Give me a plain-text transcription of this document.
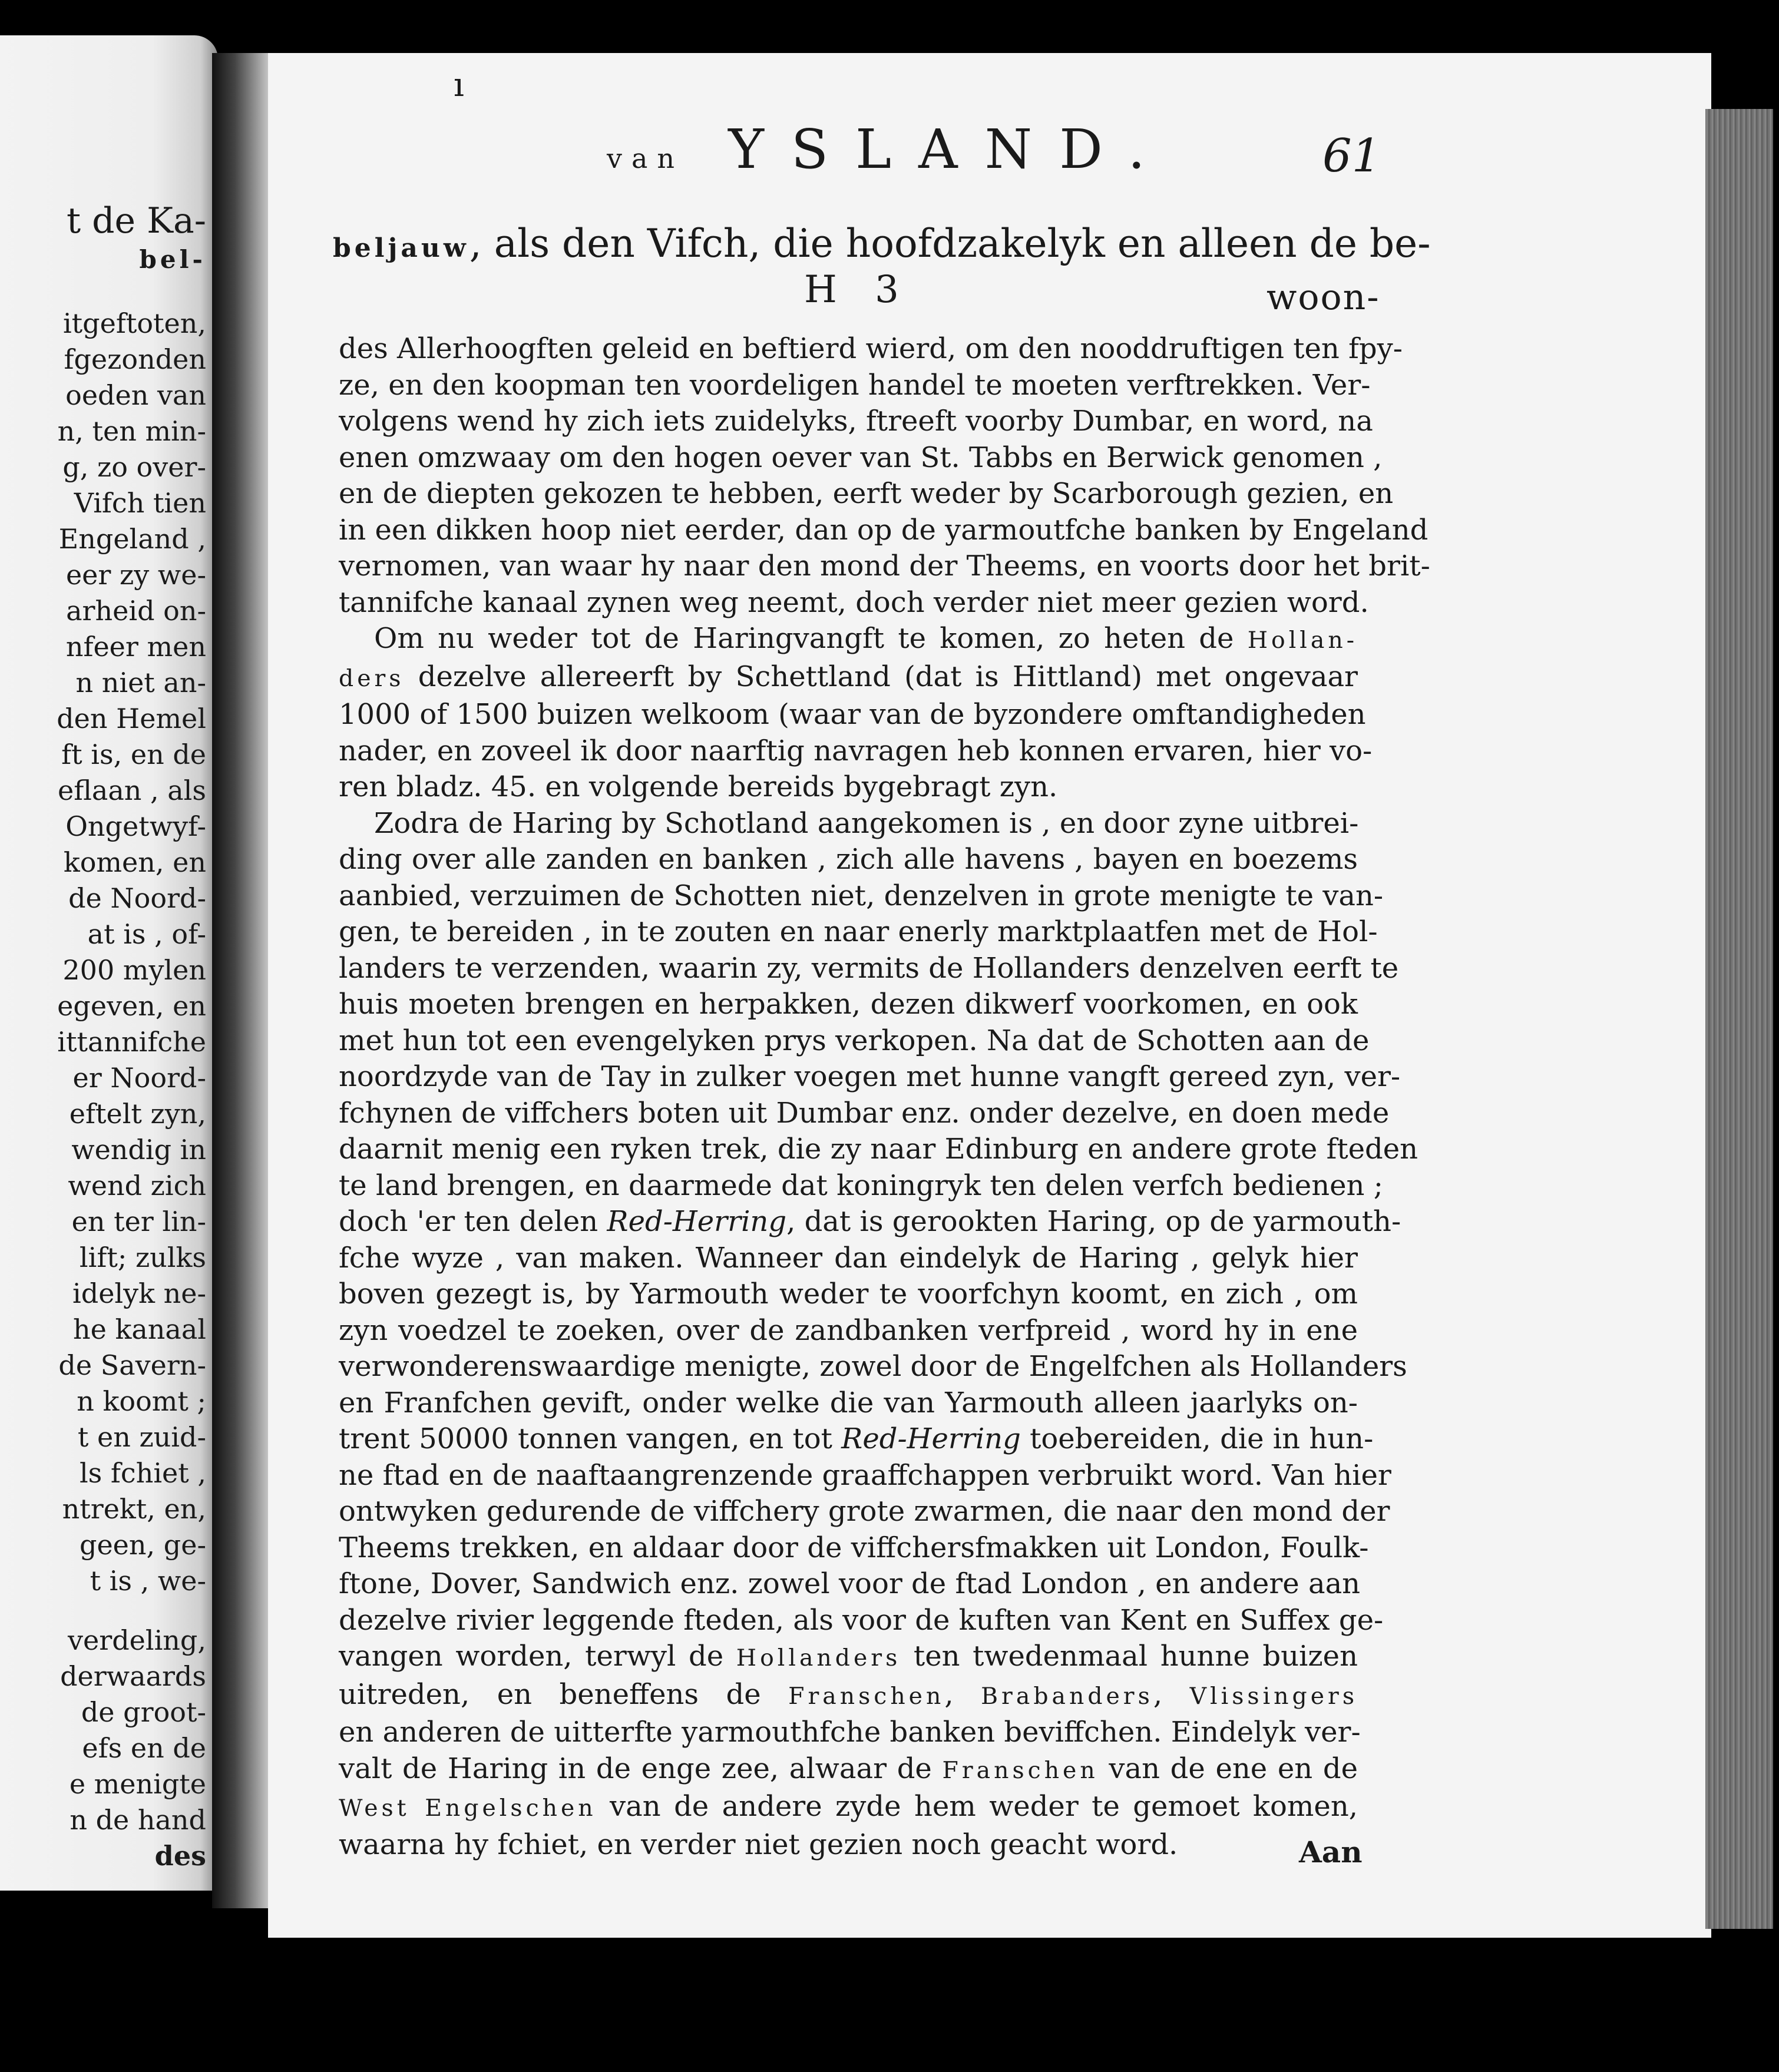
t de Ka-
bel-
itgeftoten,
fgezonden
oeden van
n, ten min-
g, zo over-
Vifch tien
Engeland ,
eer zy we-
arheid on-
nfeer men
n niet an-
den Hemel
ft is, en de
eflaan , als
Ongetwyf-
komen, en
de Noord-
at is , of-
200 mylen
egeven, en
ittannifche
er Noord-
eftelt zyn,
wendig in
wend zich
en ter lin-
lift; zulks
idelyk ne-
he kanaal
de Savern-
n koomt ;
t en zuid-
ls fchiet ,
ntrekt, en,
geen, ge-
t is , we-
verdeling,
derwaards
de groot-
efs en de
e menigte
n de hand
des
ı
van YSLAND.	61
beljauw, als den Vifch, die hoofdzakelyk en alleen de be-
H 3	woon-
des Allerhoogften geleid en beftierd wierd, om den nooddruftigen ten fpy-
ze, en den koopman ten voordeligen handel te moeten verftrekken. Ver-
volgens wend hy zich iets zuidelyks, ftreeft voorby Dumbar, en word, na
enen omzwaay om den hogen oever van St. Tabbs en Berwick genomen ,
en de diepten gekozen te hebben, eerft weder by Scarborough gezien, en
in een dikken hoop niet eerder, dan op de yarmoutfche banken by Engeland
vernomen, van waar hy naar den mond der Theems, en voorts door het brit-
tannifche kanaal zynen weg neemt, doch verder niet meer gezien word.
Om nu weder tot de Haringvangft te komen, zo heten de Hollan-
ders dezelve allereerft by Schettland (dat is Hittland) met ongevaar
1000 of 1500 buizen welkoom (waar van de byzondere omftandigheden
nader, en zoveel ik door naarftig navragen heb konnen ervaren, hier vo-
ren bladz. 45. en volgende bereids bygebragt zyn.
Zodra de Haring by Schotland aangekomen is , en door zyne uitbrei-
ding over alle zanden en banken , zich alle havens , bayen en boezems
aanbied, verzuimen de Schotten niet, denzelven in grote menigte te van-
gen, te bereiden , in te zouten en naar enerly marktplaatfen met de Hol-
landers te verzenden, waarin zy, vermits de Hollanders denzelven eerft te
huis moeten brengen en herpakken, dezen dikwerf voorkomen, en ook
met hun tot een evengelyken prys verkopen. Na dat de Schotten aan de
noordzyde van de Tay in zulker voegen met hunne vangft gereed zyn, ver-
fchynen de viffchers boten uit Dumbar enz. onder dezelve, en doen mede
daarnit menig een ryken trek, die zy naar Edinburg en andere grote fteden
te land brengen, en daarmede dat koningryk ten delen verfch bedienen ;
doch 'er ten delen Red-Herring, dat is gerookten Haring, op de yarmouth-
fche wyze , van maken. Wanneer dan eindelyk de Haring , gelyk hier
boven gezegt is, by Yarmouth weder te voorfchyn koomt, en zich , om
zyn voedzel te zoeken, over de zandbanken verfpreid , word hy in ene
verwonderenswaardige menigte, zowel door de Engelfchen als Hollanders
en Franfchen gevift, onder welke die van Yarmouth alleen jaarlyks on-
trent 50000 tonnen vangen, en tot Red-Herring toebereiden, die in hun-
ne ftad en de naaftaangrenzende graaffchappen verbruikt word. Van hier
ontwyken gedurende de viffchery grote zwarmen, die naar den mond der
Theems trekken, en aldaar door de viffchersfmakken uit London, Foulk-
ftone, Dover, Sandwich enz. zowel voor de ftad London , en andere aan
dezelve rivier leggende fteden, als voor de kuften van Kent en Suffex ge-
vangen worden, terwyl de Hollanders ten twedenmaal hunne buizen
uitreden, en beneffens de Franschen, Brabanders, Vlissingers
en anderen de uitterfte yarmouthfche banken beviffchen. Eindelyk ver-
valt de Haring in de enge zee, alwaar de Franschen van de ene en de
West Engelschen van de andere zyde hem weder te gemoet komen,
waarna hy fchiet, en verder niet gezien noch geacht word.	Aan
